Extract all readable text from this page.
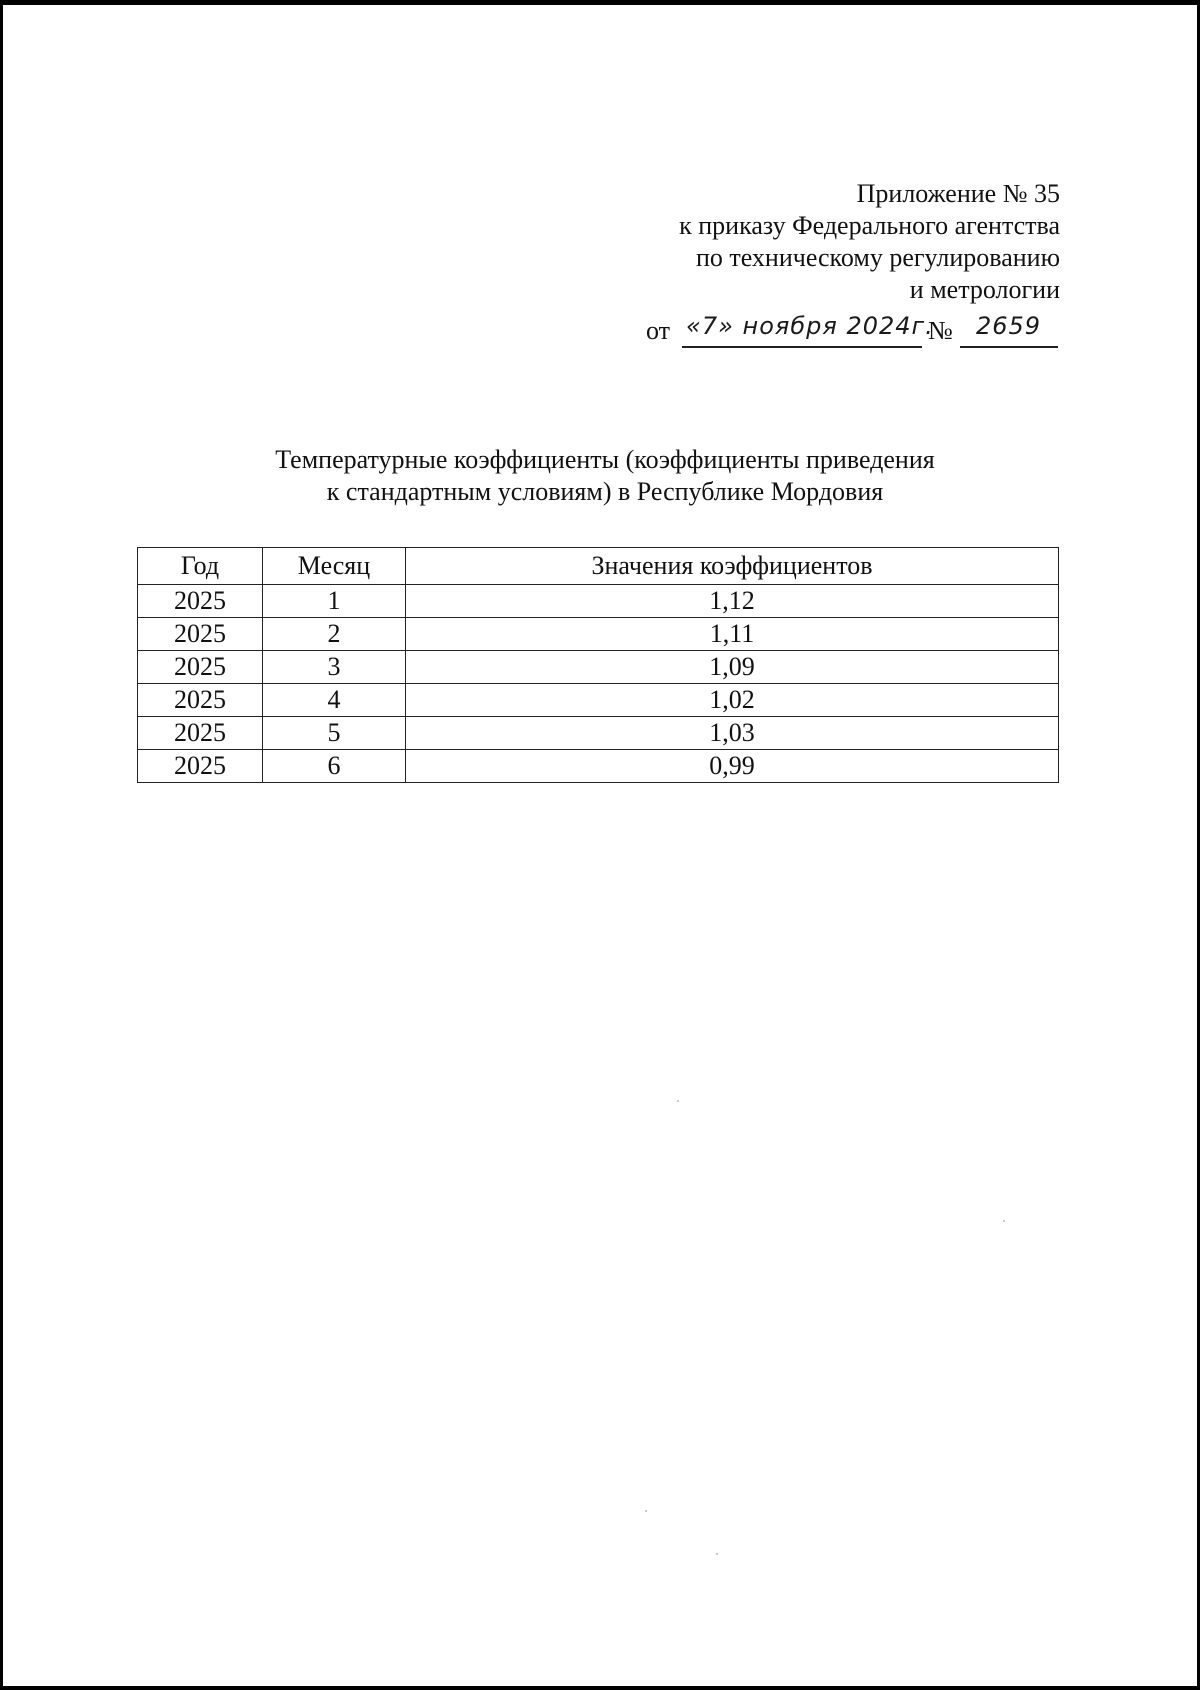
Приложение № 35
к приказу Федерального агентства
по техническому регулированию
и метрологии
от «7» ноября 2024г.
№ 2659
Температурные коэффициенты (коэффициенты приведения
к стандартным условиям) в Республике Мордовия
Год	Месяц	Значения коэффициентов
2025	1	1,12
2025	2	1,11
2025	3	1,09
2025	4	1,02
2025	5	1,03
2025	6	0,99
